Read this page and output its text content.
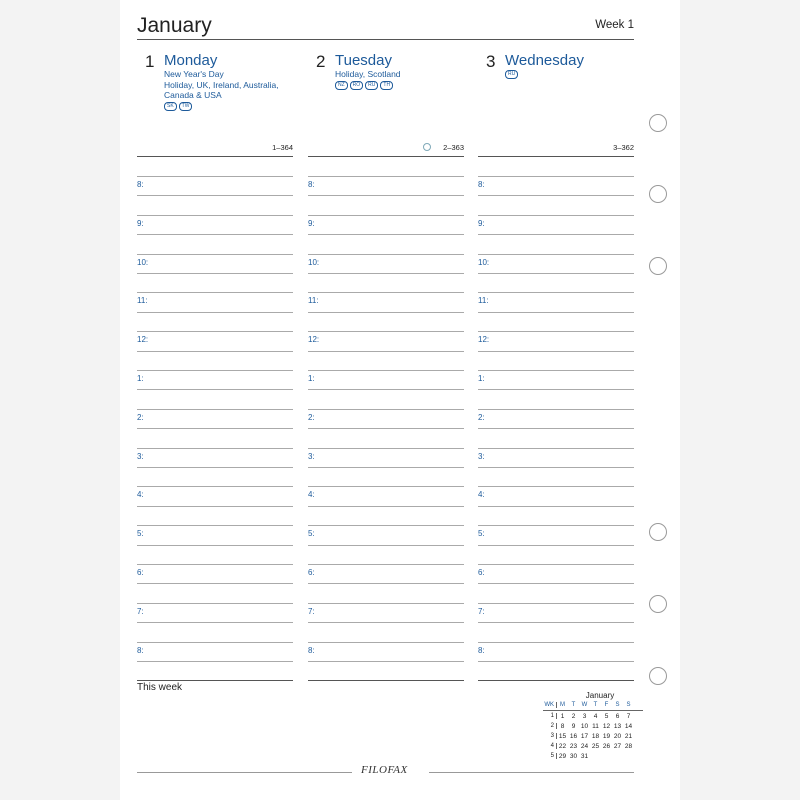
January	Week 1
1 Monday
New Year's Day
Holiday, UK, Ireland, Australia, Canada & USA
SK	TW
2 Tuesday
Holiday, Scotland
NZ	RO	RU	TH
3 Wednesday
RU
1–364
8:
9:
10:
11:
12:
1:
2:
3:
4:
5:
6:
7:
8:
2–363
8:
9:
10:
11:
12:
1:
2:
3:
4:
5:
6:
7:
8:
3–362
8:
9:
10:
11:
12:
1:
2:
3:
4:
5:
6:
7:
8:
This week
January
WK	M	T	W	T	F	S	S
1	1	2	3	4	5	6	7
2	8	9 10 11 12 13 14
3 15 16 17 18 19 20 21
4 22 23 24 25 26 27 28
5 29 30 31
FILOFAX
